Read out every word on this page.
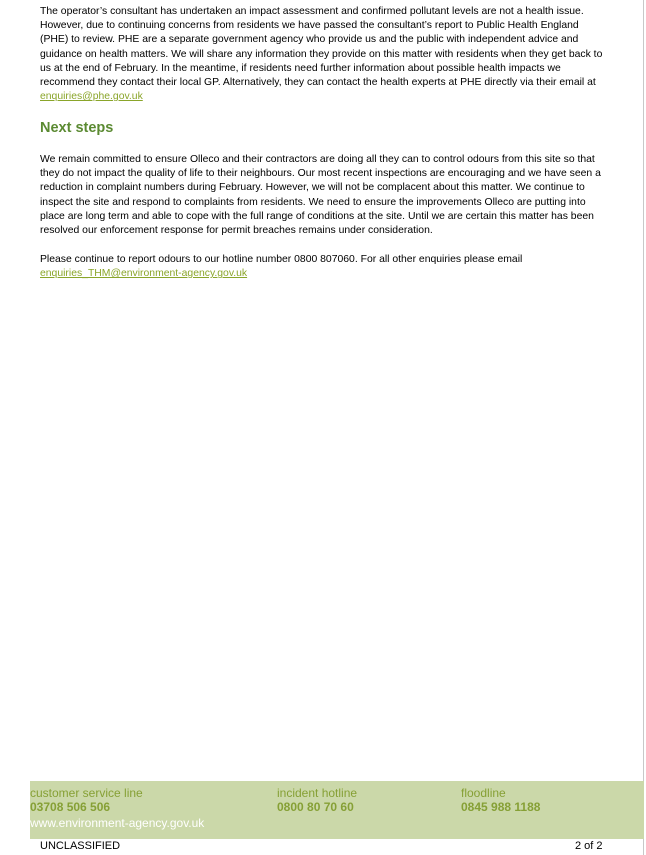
The operator’s consultant has undertaken an impact assessment and confirmed pollutant levels are not a health issue. However, due to continuing concerns from residents we have passed the consultant’s report to Public Health England (PHE) to review. PHE are a separate government agency who provide us and the public with independent advice and guidance on health matters. We will share any information they provide on this matter with residents when they get back to us at the end of February. In the meantime, if residents need further information about possible health impacts we recommend they contact their local GP. Alternatively, they can contact the health experts at PHE directly via their email at enquiries@phe.gov.uk

Next steps

We remain committed to ensure Olleco and their contractors are doing all they can to control odours from this site so that they do not impact the quality of life to their neighbours. Our most recent inspections are encouraging and we have seen a reduction in complaint numbers during February. However, we will not be complacent about this matter. We continue to inspect the site and respond to complaints from residents. We need to ensure the improvements Olleco are putting into place are long term and able to cope with the full range of conditions at the site. Until we are certain this matter has been resolved our enforcement response for permit breaches remains under consideration.

Please continue to report odours to our hotline number 0800 807060. For all other enquiries please email
enquiries_THM@environment-agency.gov.uk

customer service line
03708 506 506
incident hotline
0800 80 70 60
floodline
0845 988 1188
www.environment-agency.gov.uk
UNCLASSIFIED	2 of 2
